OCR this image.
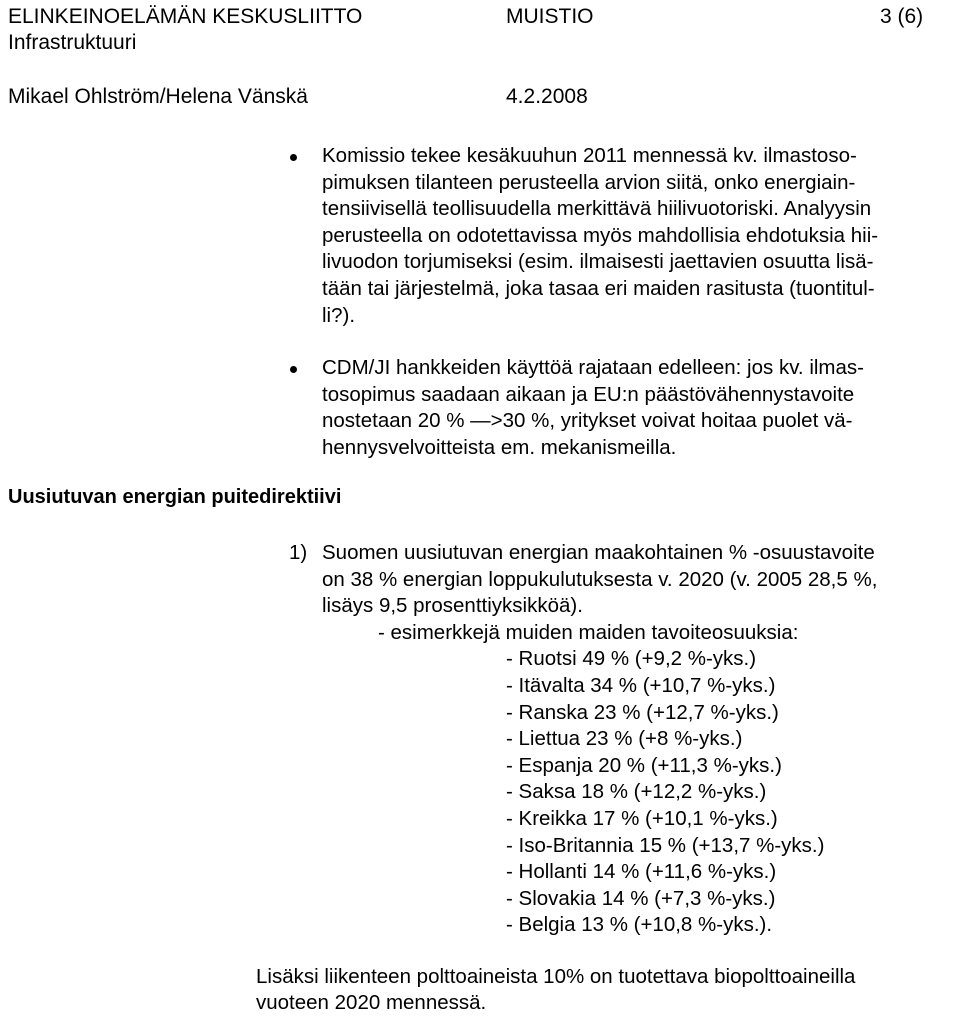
ELINKEINOELÄMÄN KESKUSLIITTO	MUISTIO	3 (6)
Infrastruktuuri
Mikael Ohlström/Helena Vänskä	4.2.2008
Komissio tekee kesäkuuhun 2011 mennessä kv. ilmastoso-
pimuksen tilanteen perusteella arvion siitä, onko energiain-
tensiivisellä teollisuudella merkittävä hiilivuotoriski. Analyysin
perusteella on odotettavissa myös mahdollisia ehdotuksia hii-
livuodon torjumiseksi (esim. ilmaisesti jaettavien osuutta lisä-
tään tai järjestelmä, joka tasaa eri maiden rasitusta (tuontitul-
li?).
CDM/JI hankkeiden käyttöä rajataan edelleen: jos kv. ilmas-
tosopimus saadaan aikaan ja EU:n päästövähennystavoite
nostetaan 20 % —>30 %, yritykset voivat hoitaa puolet vä-
hennysvelvoitteista em. mekanismeilla.
Uusiutuvan energian puitedirektiivi
1) Suomen uusiutuvan energian maakohtainen % -osuustavoite
on 38 % energian loppukulutuksesta v. 2020 (v. 2005 28,5 %,
lisäys 9,5 prosenttiyksikköä).
- esimerkkejä muiden maiden tavoiteosuuksia:
- Ruotsi 49 % (+9,2 %-yks.)
- Itävalta 34 % (+10,7 %-yks.)
- Ranska 23 % (+12,7 %-yks.)
- Liettua 23 % (+8 %-yks.)
- Espanja 20 % (+11,3 %-yks.)
- Saksa 18 % (+12,2 %-yks.)
- Kreikka 17 % (+10,1 %-yks.)
- Iso-Britannia 15 % (+13,7 %-yks.)
- Hollanti 14 % (+11,6 %-yks.)
- Slovakia 14 % (+7,3 %-yks.)
- Belgia 13 % (+10,8 %-yks.).
Lisäksi liikenteen polttoaineista 10% on tuotettava biopolttoaineilla
vuoteen 2020 mennessä.
